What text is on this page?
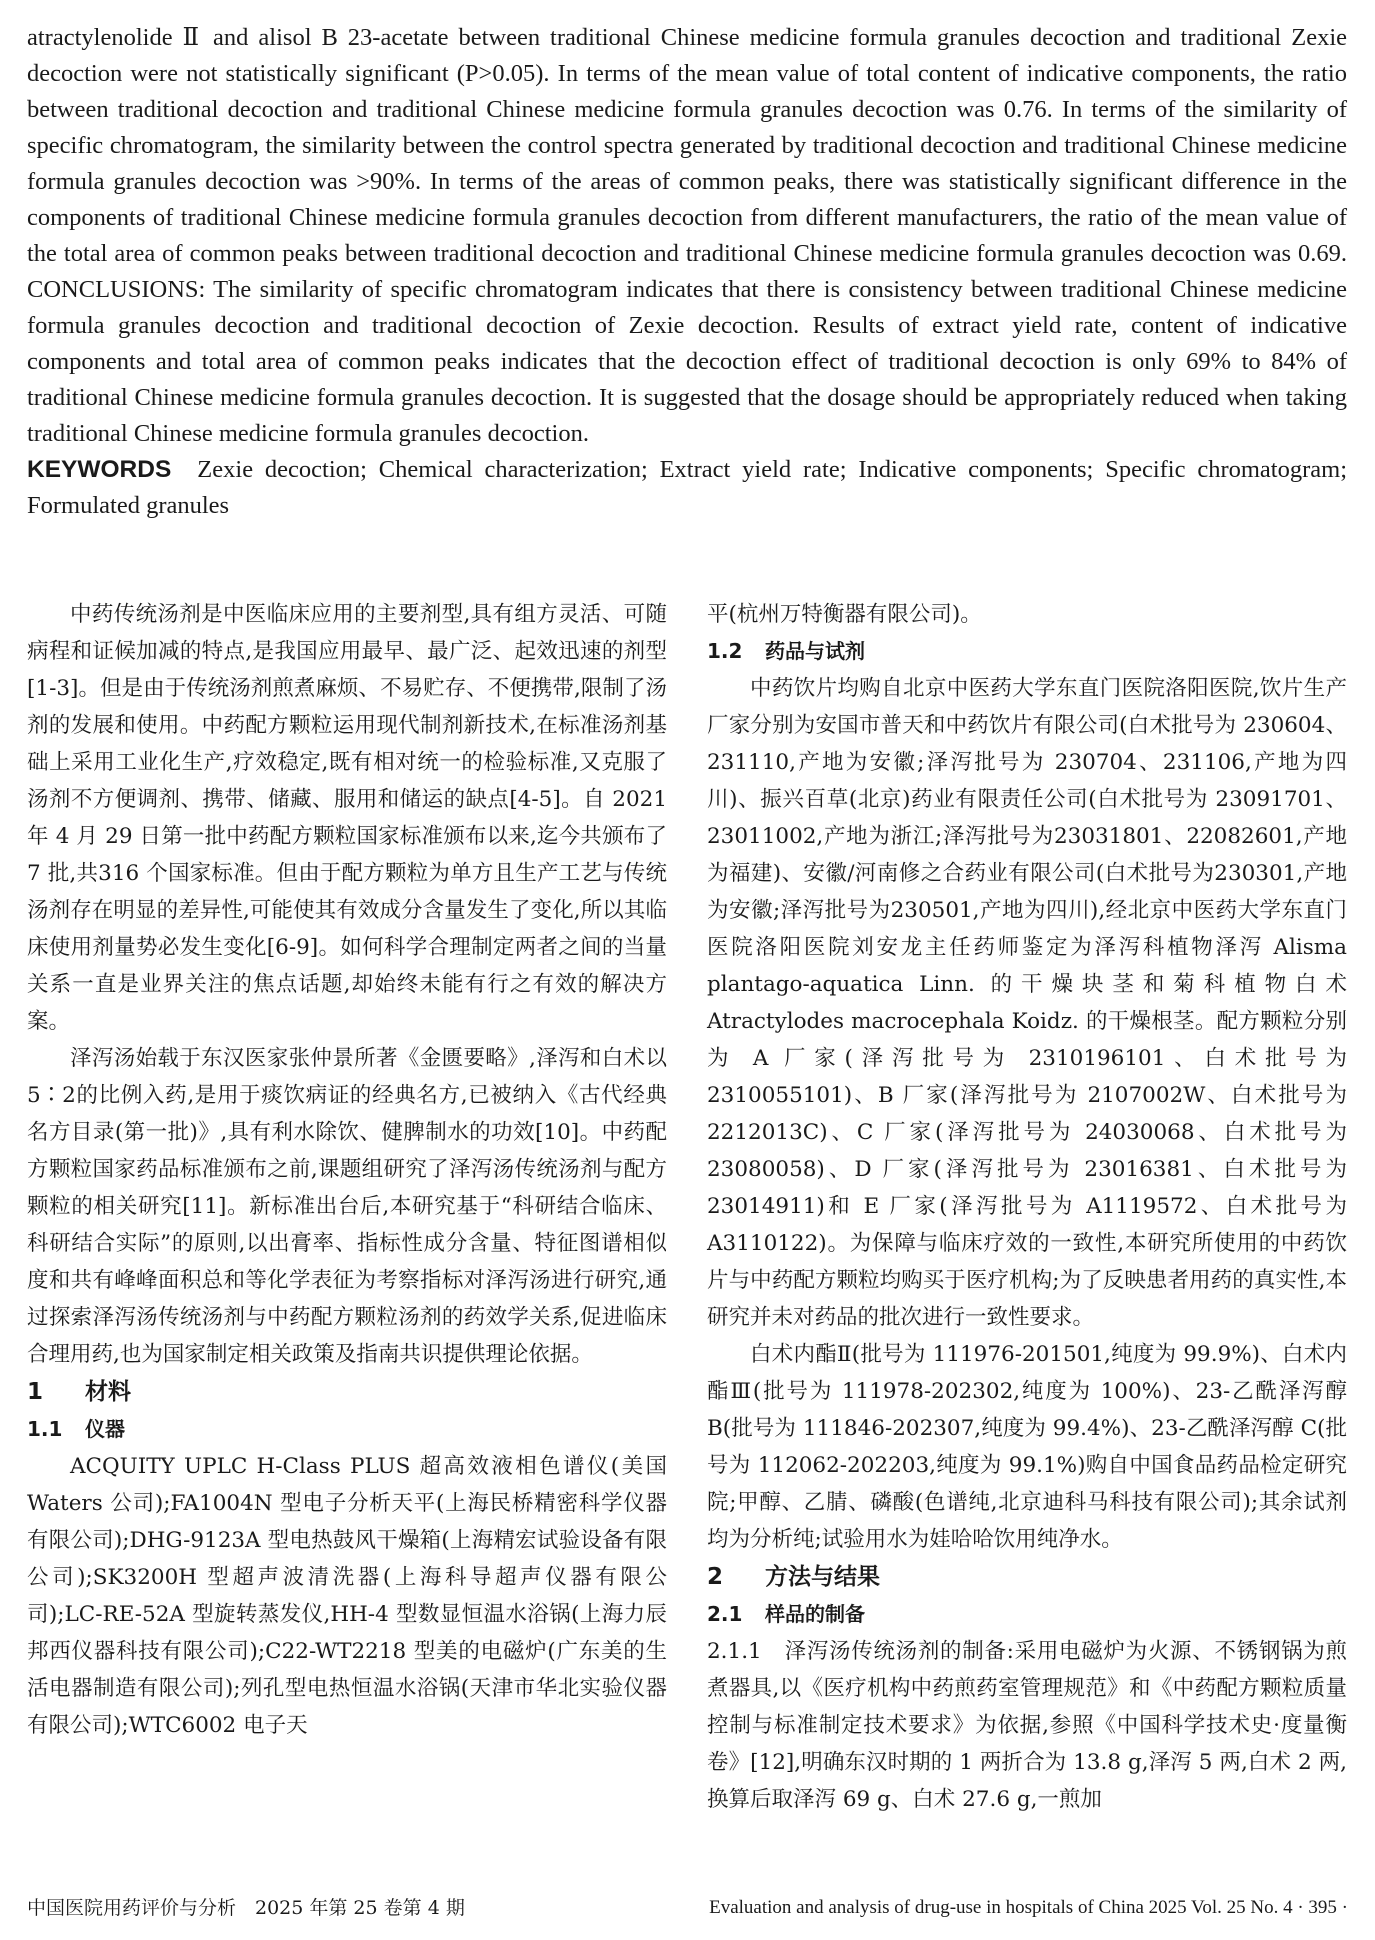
atractylenolide Ⅱ and alisol B 23-acetate between traditional Chinese medicine formula granules decoction and traditional Zexie decoction were not statistically significant (P>0.05). In terms of the mean value of total content of indicative components, the ratio between traditional decoction and traditional Chinese medicine formula granules decoction was 0.76. In terms of the similarity of specific chromatogram, the similarity between the control spectra generated by traditional decoction and traditional Chinese medicine formula granules decoction was >90%. In terms of the areas of common peaks, there was statistically significant difference in the components of traditional Chinese medicine formula granules decoction from different manufacturers, the ratio of the mean value of the total area of common peaks between traditional decoction and traditional Chinese medicine formula granules decoction was 0.69. CONCLUSIONS: The similarity of specific chromatogram indicates that there is consistency between traditional Chinese medicine formula granules decoction and traditional decoction of Zexie decoction. Results of extract yield rate, content of indicative components and total area of common peaks indicates that the decoction effect of traditional decoction is only 69% to 84% of traditional Chinese medicine formula granules decoction. It is suggested that the dosage should be appropriately reduced when taking traditional Chinese medicine formula granules decoction.

KEYWORDS Zexie decoction; Chemical characterization; Extract yield rate; Indicative components; Specific chromatogram; Formulated granules

中药传统汤剂是中医临床应用的主要剂型,具有组方灵活、可随病程和证候加减的特点,是我国应用最早、最广泛、起效迅速的剂型[1-3]。但是由于传统汤剂煎煮麻烦、不易贮存、不便携带,限制了汤剂的发展和使用。中药配方颗粒运用现代制剂新技术,在标准汤剂基础上采用工业化生产,疗效稳定,既有相对统一的检验标准,又克服了汤剂不方便调剂、携带、储藏、服用和储运的缺点[4-5]。自 2021 年 4 月 29 日第一批中药配方颗粒国家标准颁布以来,迄今共颁布了 7 批,共316 个国家标准。但由于配方颗粒为单方且生产工艺与传统汤剂存在明显的差异性,可能使其有效成分含量发生了变化,所以其临床使用剂量势必发生变化[6-9]。如何科学合理制定两者之间的当量关系一直是业界关注的焦点话题,却始终未能有行之有效的解决方案。

泽泻汤始载于东汉医家张仲景所著《金匮要略》,泽泻和白术以 5∶2的比例入药,是用于痰饮病证的经典名方,已被纳入《古代经典名方目录(第一批)》,具有利水除饮、健脾制水的功效[10]。中药配方颗粒国家药品标准颁布之前,课题组研究了泽泻汤传统汤剂与配方颗粒的相关研究[11]。新标准出台后,本研究基于“科研结合临床、科研结合实际”的原则,以出膏率、指标性成分含量、特征图谱相似度和共有峰峰面积总和等化学表征为考察指标对泽泻汤进行研究,通过探索泽泻汤传统汤剂与中药配方颗粒汤剂的药效学关系,促进临床合理用药,也为国家制定相关政策及指南共识提供理论依据。

1 材料
1.1 仪器

ACQUITY UPLC H-Class PLUS 超高效液相色谱仪(美国 Waters 公司);FA1004N 型电子分析天平(上海民桥精密科学仪器有限公司);DHG-9123A 型电热鼓风干燥箱(上海精宏试验设备有限公司);SK3200H 型超声波清洗器(上海科导超声仪器有限公司);LC-RE-52A 型旋转蒸发仪,HH-4 型数显恒温水浴锅(上海力辰邦西仪器科技有限公司);C22-WT2218 型美的电磁炉(广东美的生活电器制造有限公司);列孔型电热恒温水浴锅(天津市华北实验仪器有限公司);WTC6002 电子天

平(杭州万特衡器有限公司)。

1.2 药品与试剂

中药饮片均购自北京中医药大学东直门医院洛阳医院,饮片生产厂家分别为安国市普天和中药饮片有限公司(白术批号为 230604、231110,产地为安徽;泽泻批号为 230704、231106,产地为四川)、振兴百草(北京)药业有限责任公司(白术批号为 23091701、23011002,产地为浙江;泽泻批号为23031801、22082601,产地为福建)、安徽/河南修之合药业有限公司(白术批号为230301,产地为安徽;泽泻批号为230501,产地为四川),经北京中医药大学东直门医院洛阳医院刘安龙主任药师鉴定为泽泻科植物泽泻 Alisma plantago-aquatica Linn. 的干燥块茎和菊科植物白术 Atractylodes macrocephala Koidz. 的干燥根茎。配方颗粒分别为 A 厂家(泽泻批号为 2310196101、白术批号为 2310055101)、B 厂家(泽泻批号为 2107002W、白术批号为 2212013C)、C 厂家(泽泻批号为 24030068、白术批号为 23080058)、D 厂家(泽泻批号为 23016381、白术批号为 23014911)和 E 厂家(泽泻批号为 A1119572、白术批号为 A3110122)。为保障与临床疗效的一致性,本研究所使用的中药饮片与中药配方颗粒均购买于医疗机构;为了反映患者用药的真实性,本研究并未对药品的批次进行一致性要求。

白术内酯Ⅱ(批号为 111976-201501,纯度为 99.9%)、白术内酯Ⅲ(批号为 111978-202302,纯度为 100%)、23-乙酰泽泻醇 B(批号为 111846-202307,纯度为 99.4%)、23-乙酰泽泻醇 C(批号为 112062-202203,纯度为 99.1%)购自中国食品药品检定研究院;甲醇、乙腈、磷酸(色谱纯,北京迪科马科技有限公司);其余试剂均为分析纯;试验用水为娃哈哈饮用纯净水。

2 方法与结果
2.1 样品的制备

2.1.1　泽泻汤传统汤剂的制备:采用电磁炉为火源、不锈钢锅为煎煮器具,以《医疗机构中药煎药室管理规范》和《中药配方颗粒质量控制与标准制定技术要求》为依据,参照《中国科学技术史·度量衡卷》[12],明确东汉时期的 1 两折合为 13.8 g,泽泻 5 两,白术 2 两,换算后取泽泻 69 g、白术 27.6 g,一煎加

中国医院用药评价与分析　2025 年第 25 卷第 4 期	Evaluation and analysis of drug-use in hospitals of China 2025 Vol. 25 No. 4 · 395 ·
